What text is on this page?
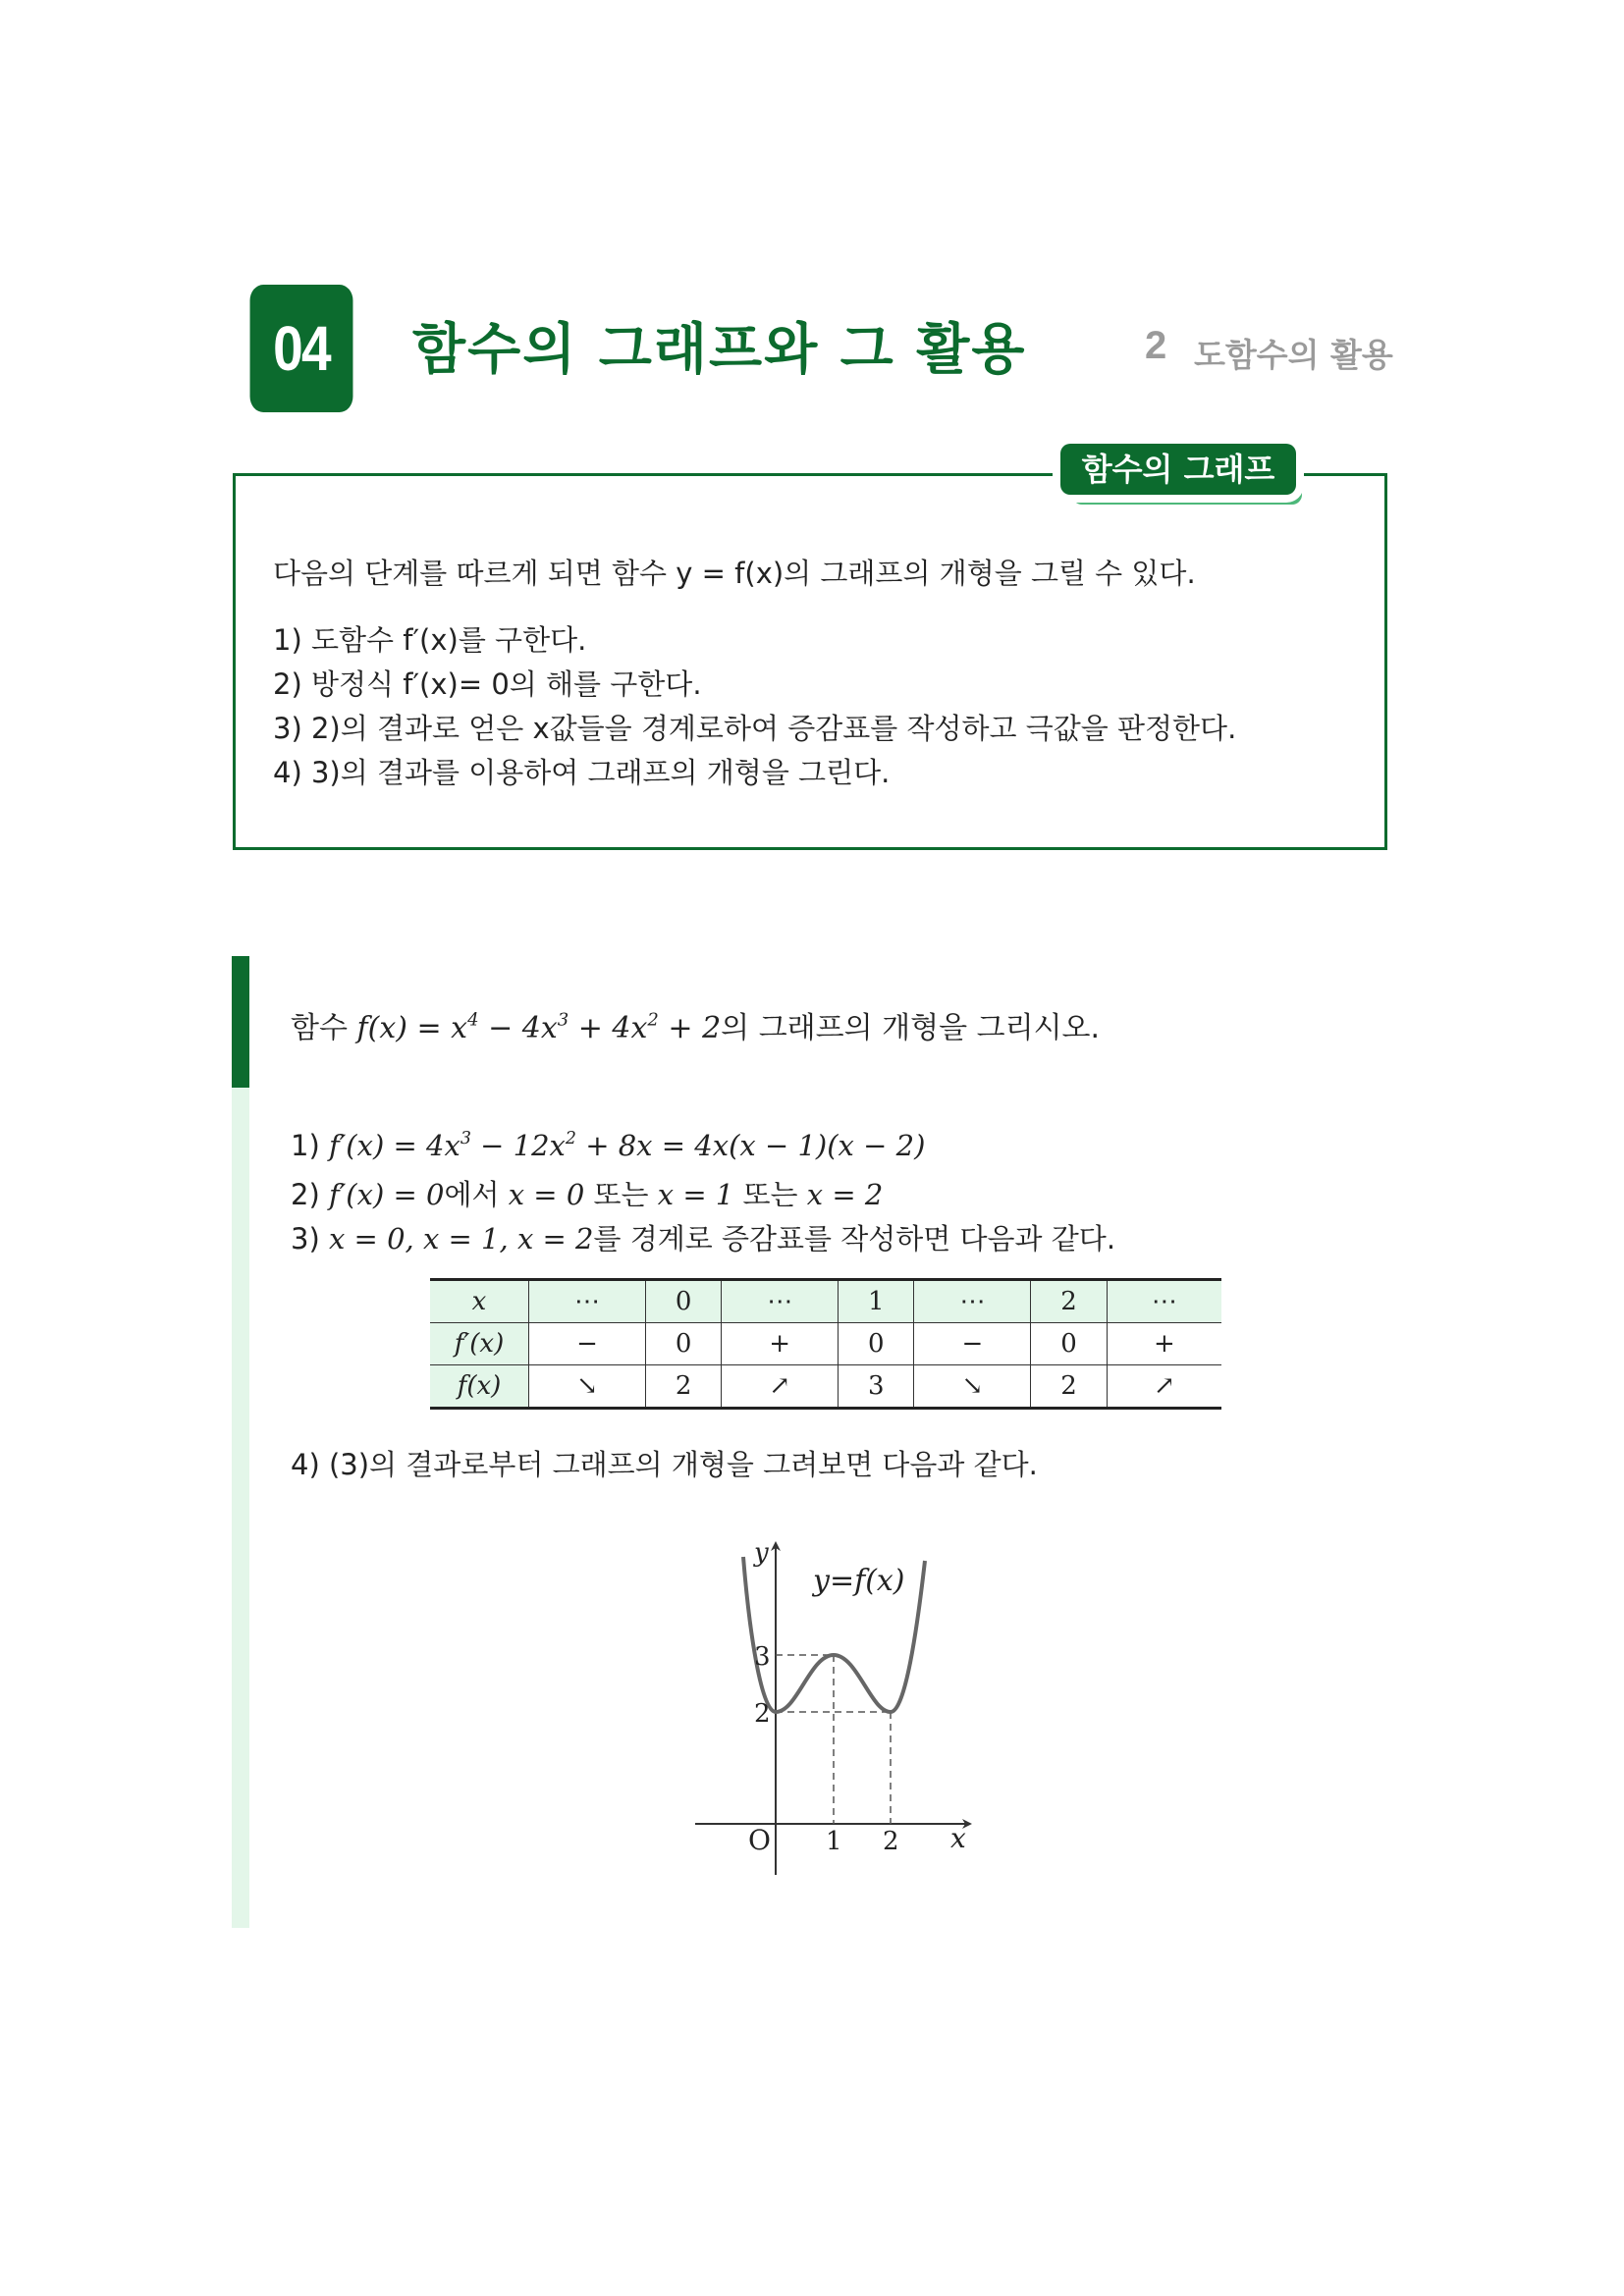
04	함수의 그래프와 그 활용	2 도함수의 활용
함수의 그래프
다음의 단계를 따르게 되면 함수 y = f(x)의 그래프의 개형을 그릴 수 있다.
1) 도함수 f′(x)를 구한다.
2) 방정식 f′(x)= 0의 해를 구한다.
3) 2)의 결과로 얻은 x값들을 경계로하여 증감표를 작성하고 극값을 판정한다.
4) 3)의 결과를 이용하여 그래프의 개형을 그린다.
함수 $f(x) = x^4 - 4x^3 + 4x^2 + 2$의 그래프의 개형을 그리시오.
1) $f'(x) = 4x^3 - 12x^2 + 8x = 4x(x - 1)(x - 2)$
2) f′(x) = 0에서 x = 0 또는 x = 1 또는 x = 2
3) x = 0, x = 1, x = 2를 경계로 증감표를 작성하면 다음과 같다.
x	⋯	0	⋯	1	⋯	2	⋯
f′(x)	−	0	+	0	−	0	+
f(x)	↘	2	↗	3	↘	2	↗
4) (3)의 결과로부터 그래프의 개형을 그려보면 다음과 같다.
y
y=f(x)
3
2
O 1 2 x
